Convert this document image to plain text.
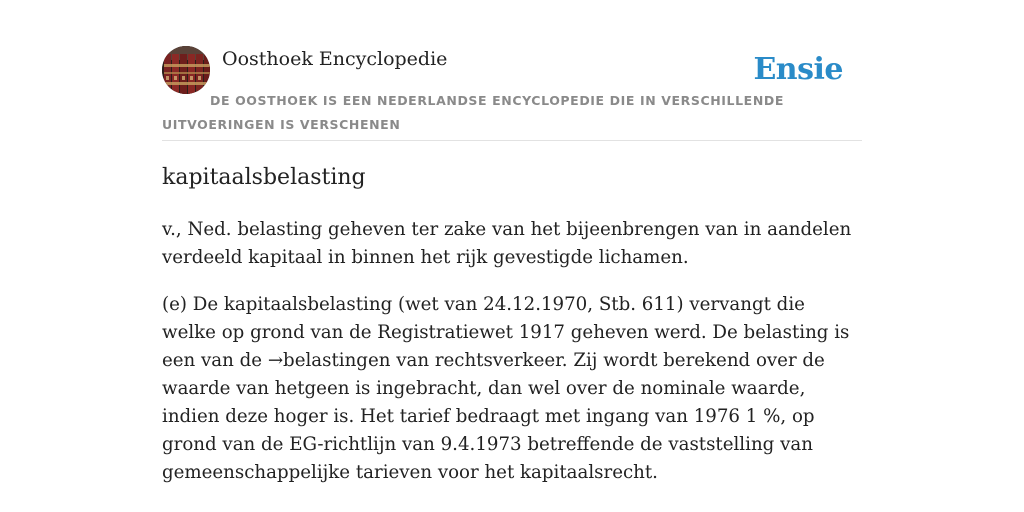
Oosthoek Encyclopedie	Ensie
DE OOSTHOEK IS EEN NEDERLANDSE ENCYCLOPEDIE DIE IN VERSCHILLENDE UITVOERINGEN IS VERSCHENEN
kapitaalsbelasting

v., Ned. belasting geheven ter zake van het bijeenbrengen van in aandelen verdeeld kapitaal in binnen het rijk gevestigde lichamen.

(e) De kapitaalsbelasting (wet van 24.12.1970, Stb. 611) vervangt die welke op grond van de Registratiewet 1917 geheven werd. De belasting is een van de →belastingen van rechtsverkeer. Zij wordt berekend over de waarde van hetgeen is ingebracht, dan wel over de nominale waarde, indien deze hoger is. Het tarief bedraagt met ingang van 1976 1 %, op grond van de EG-richtlijn van 9.4.1973 betreffende de vaststelling van gemeenschappelijke tarieven voor het kapitaalsrecht.
